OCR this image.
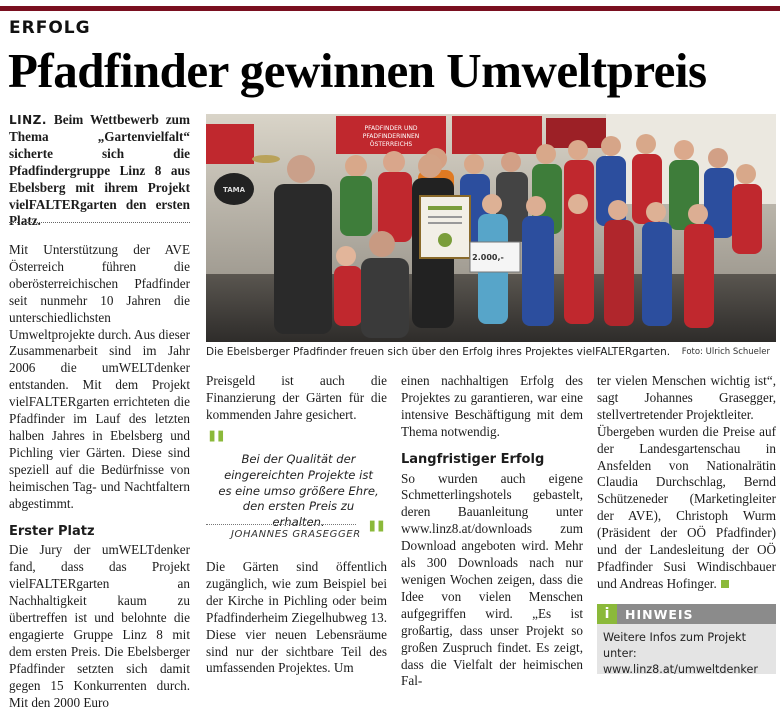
ERFOLG
Pfadfinder gewinnen Umweltpreis
LINZ. Beim Wettbewerb zum Thema „Gartenvielfalt“ sicherte sich die Pfadfindergruppe Linz 8 aus Ebelsberg mit ihrem Projekt vielFALTERgarten den ersten Platz.

Mit Unterstützung der AVE Österreich führen die oberösterreichischen Pfadfinder seit nunmehr 10 Jahren die unterschiedlichsten Umweltprojekte durch. Aus dieser Zusammenarbeit sind im Jahr 2006 die umWELTdenker entstanden. Mit dem Projekt vielFALTERgarten errichteten die Pfadfinder im Lauf des letzten halben Jahres in Ebelsberg und Pichling vier Gärten. Diese sind speziell auf die Bedürfnisse von heimischen Tag- und Nachtfaltern abgestimmt.

Erster Platz

Die Jury der umWELTdenker fand, dass das Projekt vielFALTERgarten an Nachhaltigkeit kaum zu übertreffen ist und belohnte die engagierte Gruppe Linz 8 mit dem ersten Preis. Die Ebelsberger Pfadfinder setzten sich damit gegen 15 Konkurrenten durch. Mit den 2000 Euro

PFADFINDER UND
PFADFINDERINNEN
ÖSTERREICHS
TAMA
2.000,-
Die Ebelsberger Pfadfinder freuen sich über den Erfolg ihres Projektes vielFALTERgarten. Foto: Ulrich Schueler

Preisgeld ist auch die Finanzierung der Gärten für die kommenden Jahre gesichert.

"	Bei der Qualität der eingereichten Projekte ist es eine umso größere Ehre, den ersten Preis zu erhalten.
JOHANNES GRASEGGER "

Die Gärten sind öffentlich zugänglich, wie zum Beispiel bei der Kirche in Pichling oder beim Pfadfinderheim Ziegelhubweg 13. Diese vier neuen Lebensräume sind nur der sichtbare Teil des umfassenden Projektes. Um

einen nachhaltigen Erfolg des Projektes zu garantieren, war eine intensive Beschäftigung mit dem Thema notwendig.

Langfristiger Erfolg

So wurden auch eigene Schmetterlingshotels gebastelt, deren Bauanleitung unter www.linz8.at/downloads zum Download angeboten wird. Mehr als 300 Downloads nach nur wenigen Wochen zeigen, dass die Idee von vielen Menschen aufgegriffen wird. „Es ist großartig, dass unser Projekt so großen Zuspruch findet. Es zeigt, dass die Vielfalt der heimischen Fal-

ter vielen Menschen wichtig ist“, sagt Johannes Grasegger, stellvertretender Projektleiter.

Übergeben wurden die Preise auf der Landesgartenschau in Ansfelden von Nationalrätin Claudia Durchschlag, Bernd Schützeneder (Marketingleiter der AVE), Christoph Wurm (Präsident der OÖ Pfadfinder) und der Landesleitung der OÖ Pfadfinder Susi Windischbauer und Andreas Hofinger.

i	HINWEIS
Weitere Infos zum Projekt unter: www.linz8.at/umweltdenker
